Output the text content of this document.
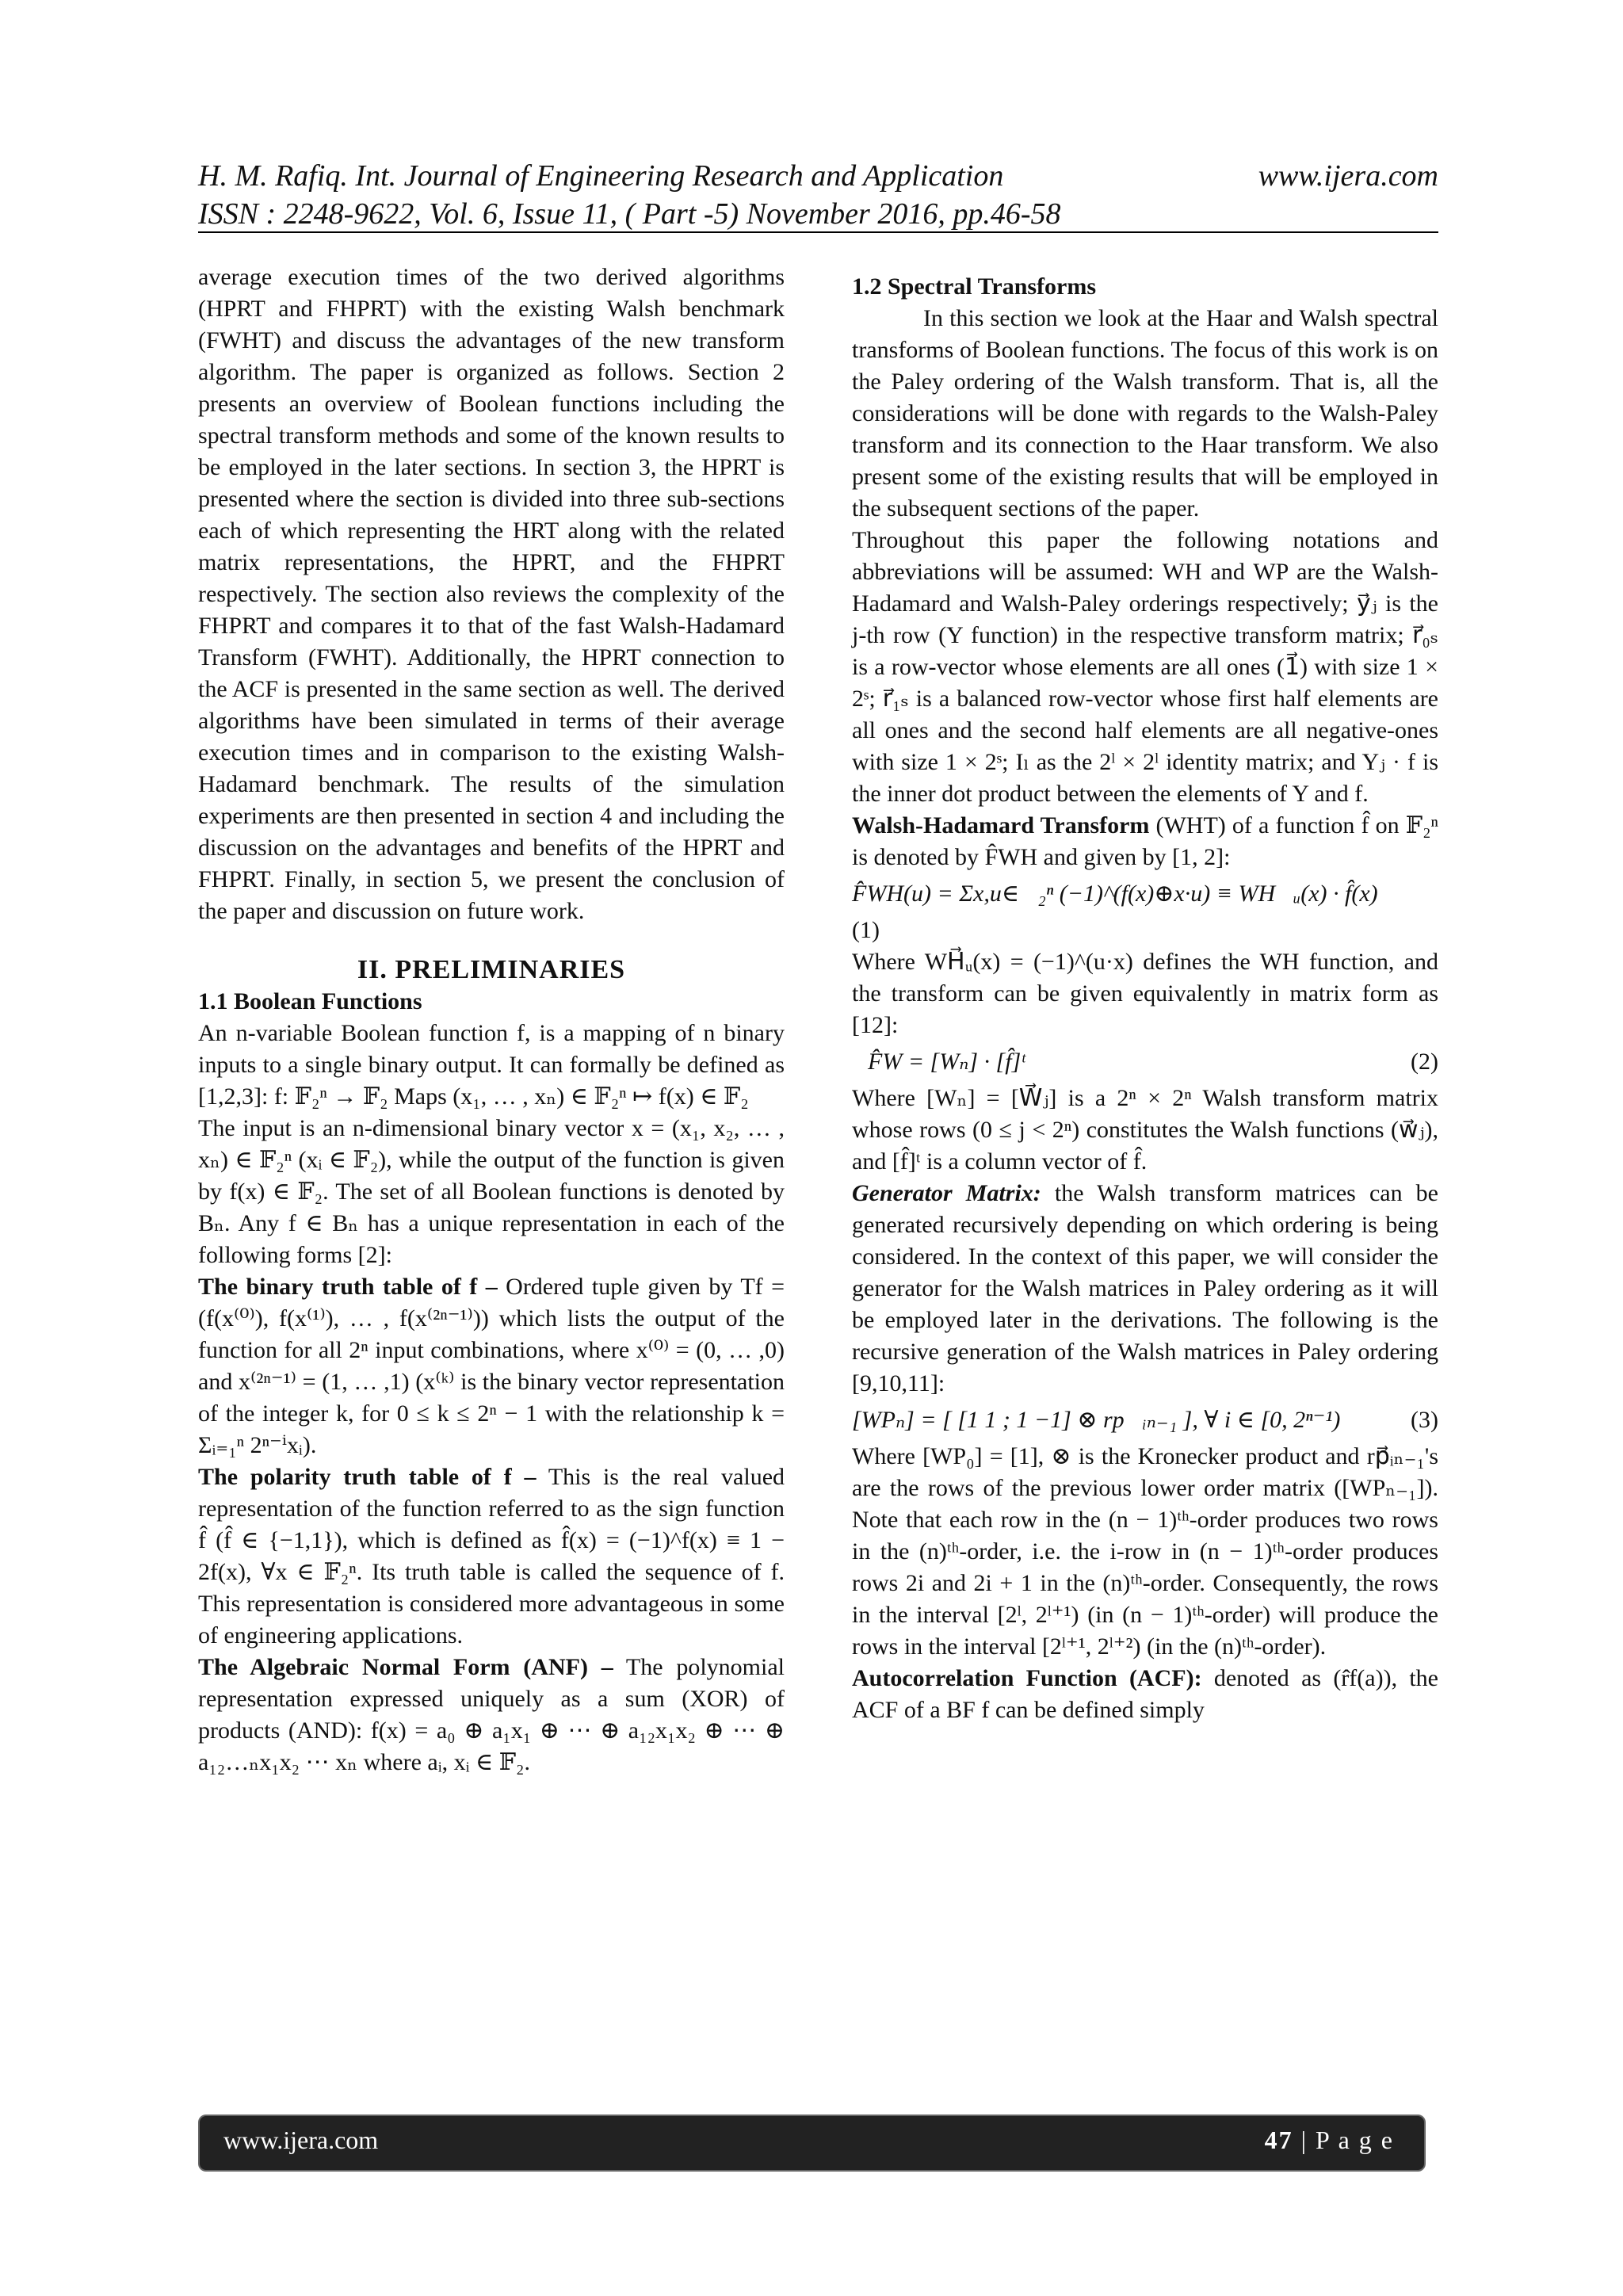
H. M. Rafiq. Int. Journal of Engineering Research and Application	www.ijera.com
ISSN : 2248-9622, Vol. 6, Issue 11, ( Part -5) November 2016, pp.46-58

average execution times of the two derived algorithms (HPRT and FHPRT) with the existing Walsh benchmark (FWHT) and discuss the advantages of the new transform algorithm. The paper is organized as follows. Section 2 presents an overview of Boolean functions including the spectral transform methods and some of the known results to be employed in the later sections. In section 3, the HPRT is presented where the section is divided into three sub-sections each of which representing the HRT along with the related matrix representations, the HPRT, and the FHPRT respectively. The section also reviews the complexity of the FHPRT and compares it to that of the fast Walsh-Hadamard Transform (FWHT). Additionally, the HPRT connection to the ACF is presented in the same section as well. The derived algorithms have been simulated in terms of their average execution times and in comparison to the existing Walsh-Hadamard benchmark. The results of the simulation experiments are then presented in section 4 and including the discussion on the advantages and benefits of the HPRT and FHPRT. Finally, in section 5, we present the conclusion of the paper and discussion on future work.

II. PRELIMINARIES

1.1 Boolean Functions

An n-variable Boolean function f, is a mapping of n binary inputs to a single binary output. It can formally be defined as [1,2,3]: f: 𝔽₂ⁿ → 𝔽₂ Maps (x₁, … , xₙ) ∈ 𝔽₂ⁿ ↦ f(x) ∈ 𝔽₂

The input is an n-dimensional binary vector x = (x₁, x₂, … , xₙ) ∈ 𝔽₂ⁿ (xᵢ ∈ 𝔽₂), while the output of the function is given by f(x) ∈ 𝔽₂. The set of all Boolean functions is denoted by Bₙ. Any f ∈ Bₙ has a unique representation in each of the following forms [2]:

The binary truth table of f – Ordered tuple given by Tf = (f(x⁽⁰⁾), f(x⁽¹⁾), … , f(x⁽²ⁿ⁻¹⁾)) which lists the output of the function for all 2ⁿ input combinations, where x⁽⁰⁾ = (0, … ,0) and x⁽²ⁿ⁻¹⁾ = (1, … ,1) (x⁽ᵏ⁾ is the binary vector representation of the integer k, for 0 ≤ k ≤ 2ⁿ − 1 with the relationship k = Σᵢ₌₁ⁿ 2ⁿ⁻ⁱxᵢ).

The polarity truth table of f – This is the real valued representation of the function referred to as the sign function f̂ (f̂ ∈ {−1,1}), which is defined as f̂(x) = (−1)^f(x) ≡ 1 − 2f(x), ∀x ∈ 𝔽₂ⁿ. Its truth table is called the sequence of f. This representation is considered more advantageous in some of engineering applications.

The Algebraic Normal Form (ANF) – The polynomial representation expressed uniquely as a sum (XOR) of products (AND): f(x) = a₀ ⊕ a₁x₁ ⊕ ⋯ ⊕ a₁₂x₁x₂ ⊕ ⋯ ⊕ a₁₂…ₙx₁x₂ ⋯ xₙ where aᵢ, xᵢ ∈ 𝔽₂.

1.2 Spectral Transforms

In this section we look at the Haar and Walsh spectral transforms of Boolean functions. The focus of this work is on the Paley ordering of the Walsh transform. That is, all the considerations will be done with regards to the Walsh-Paley transform and its connection to the Haar transform. We also present some of the existing results that will be employed in the subsequent sections of the paper.

Throughout this paper the following notations and abbreviations will be assumed: WH and WP are the Walsh-Hadamard and Walsh-Paley orderings respectively; y⃗ⱼ is the j-th row (Y function) in the respective transform matrix; r⃗₀ₛ is a row-vector whose elements are all ones (1⃗) with size 1 × 2ˢ; r⃗₁ₛ is a balanced row-vector whose first half elements are all ones and the second half elements are all negative-ones with size 1 × 2ˢ; Iₗ as the 2ˡ × 2ˡ identity matrix; and Yⱼ · f is the inner dot product between the elements of Y and f.

Walsh-Hadamard Transform (WHT) of a function f̂ on 𝔽₂ⁿ is denoted by F̂WH and given by [1, 2]:

F̂WH(u) = Σx,u∈𝔽₂ⁿ (−1)^(f(x)⊕x·u) ≡ WH⃗ᵤ(x) · f̂(x)

(1)

Where WH⃗ᵤ(x) = (−1)^(u·x) defines the WH function, and the transform can be given equivalently in matrix form as [12]:

F̂W = [Wₙ] · [f̂]ᵗ	(2)

Where [Wₙ] = [W⃗ⱼ] is a 2ⁿ × 2ⁿ Walsh transform matrix whose rows (0 ≤ j < 2ⁿ) constitutes the Walsh functions (w⃗ⱼ), and [f̂]ᵗ is a column vector of f̂.

Generator Matrix: the Walsh transform matrices can be generated recursively depending on which ordering is being considered. In the context of this paper, we will consider the generator for the Walsh matrices in Paley ordering as it will be employed later in the derivations. The following is the recursive generation of the Walsh matrices in Paley ordering [9,10,11]:

[WPₙ] = [ [1 1 ; 1 −1] ⊗ rp⃗ᵢₙ₋₁ ], ∀ i ∈ [0, 2ⁿ⁻¹)	(3)

Where [WP₀] = [1], ⊗ is the Kronecker product and rp⃗ᵢₙ₋₁'s are the rows of the previous lower order matrix ([WPₙ₋₁]). Note that each row in the (n − 1)ᵗʰ-order produces two rows in the (n)ᵗʰ-order, i.e. the i-row in (n − 1)ᵗʰ-order produces rows 2i and 2i + 1 in the (n)ᵗʰ-order. Consequently, the rows in the interval [2ˡ, 2ˡ⁺¹) (in (n − 1)ᵗʰ-order) will produce the rows in the interval [2ˡ⁺¹, 2ˡ⁺²) (in the (n)ᵗʰ-order).

Autocorrelation Function (ACF): denoted as (r̂f(a)), the ACF of a BF f can be defined simply

www.ijera.com	47 | P a g e
